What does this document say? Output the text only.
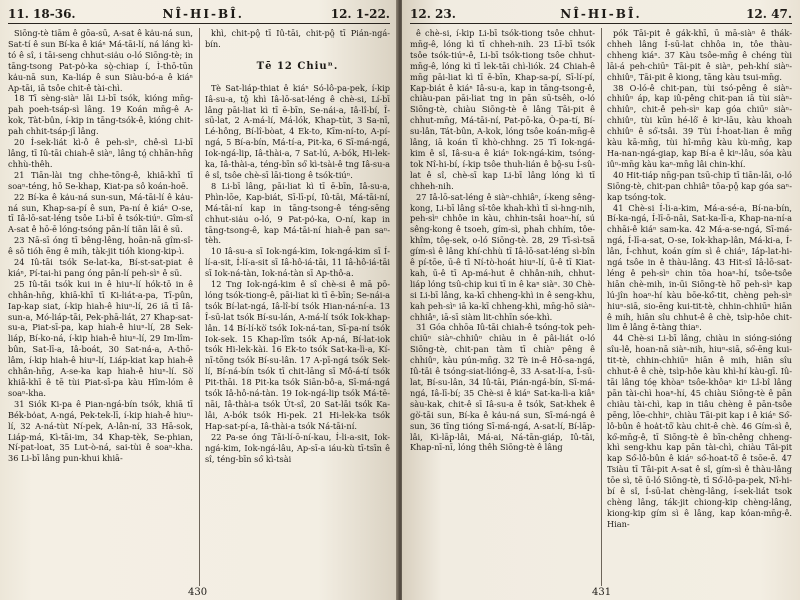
11. 18-36.	NÎ-HI-BÎ.	12. 1-22.

Siōng-tè tiām ê gōa-sū, A-sat ê ka̍u-ná sun, Sat-tí ê sun Bí-ka ê kiáⁿ Má-tāi-lí, ná láng kì-tó ê sî, i tāi-seng chhut-sia̍u o-ló Siōng-tè; in tāng-tsong Pat-po̍-ka sò̤-chiap í, Ì-thō-tūn ka̍u-nā sun, Ka-liáp ê sun Siàu-bó-a ê kiáⁿ Ap-tāi, iā tsôe chit-ê tài-chì.

18 Tī sèng-siàⁿ lāi Li-bī tsók, kióng mn̄g-pah poeh-tsáp-sì lâng. 19 Koán mn̄g-ê A-kok, Tàt-bûn, í-kip in tāng-tsók-ê, kióng chit-pah chhit-tsáp-jī lâng.

20 Í-sek-liát kì-ô ê peh-sìⁿ, chê-sì Li-bī lâng, tī Iû-tāi chiah-ê siàⁿ, lâng tó̤ chhān-hn̄g chhù-thêh.

21 Tiān-lài tng chhe-tōng-ê, khiā-khī tī soaⁿ-téng, hō Se-khap, Kiat-pa sô koán-hoē.

22 Bí-ka ê ka̍u-ná sun-sun, Má-tāi-lí ê ka̍u-ná sun, Khap-sa-pí ê sun, Pa-ní ê kiáⁿ O-se, tī Iâ-lō-sat-léng tsôe Li-bī ê tsók-tiúⁿ. Gîm-sî A-sat ê hō-ē lóng-tsóng pān-lí tiān lāi ê sū.

23 Nā-sī óng tī bêng-lêng, hoān-nā gîm-sî-ê sō tióh ēng ê mih, tàk-jit tióh kiong-kip-ì.

24 Iû-tāi tsók Se-lat-ka, Bí-st-sat-piat ê kiáⁿ, Pí-tai-hi pang óng pān-lí peh-sìⁿ ê sū.

25 Iû-tāi tsók kui in ê hiuⁿ-lí hók-tō in ê chhân-hn̄g, khiā-khī tī Ki-liát-a-pa, Tī-pûn, Iap-kap siat, í-kip hiah-ê hiuⁿ-lí, 26 iā tī Iâ-sun-a, Mó-liáp-tāi, Pek-phā-liát, 27 Khap-sat-su-a, Piat-sī-pa, kap hiah-ê hiuⁿ-lí, 28 Sek-liáp, Bí-ko-ná, í-kip hiah-ê hiuⁿ-lí, 29 Im-lîm-bûn, Sat-lī-a, Iâ-boát, 30 Sat-ná-a, A-thō-lâm, í-kip hiah-ê hiuⁿ-lí, Liáp-kiat kap hiah-ê chhân-hn̄g, A-se-ka kap hiah-ê hiuⁿ-lí. Sò͘ khiā-khī ê tē tùi Piat-sī-pa kàu Hîm-lóm ê soaⁿ-kha.

31 Siók Ki-pa ê Pian-ngá-bín tsók, khiā tī Bék-bo̍at, A-ngá, Pek-tek-lī, í-kip hiah-ê hiuⁿ-lí, 32 A-ná-tùt Ní-pek, A-lân-ní, 33 Hā-sok, Liáp-má, Kì-tāi-im, 34 Khap-tèk, Se-phian, Ní-pat-loat, 35 Lut-ò-ná, sai-tùi ê soaⁿ-kha. 36 Li-bī lâng pun-khui khiā-

khì, chit-pô̤ tī Iû-tāi, chit-pô̤ tī Pián-ngá-bín.

Tē 12 Chiuⁿ.

Tè Sat-liáp-thiat ê kiáⁿ Só-lô-pa-pek, í-kip Iâ-su-a, tô̤ khì Iâ-lō-sat-léng ê chè-si, Lí-bī lâng pāi-liat kì tī ē-bīn, Se-nái-a, Iâ-lî-bí, Î-sū-lat, 2 A-má-lí, Má-lók, Khap-tùt, 3 Sa-nī, Lé-hông, Bí-lî-bòat, 4 Ek-to, Kīm-ní-to, A-pí-ngá, 5 Bí-a-bín, Má-tí-a, Pit-ka, 6 Sī-má-ngá, Iok-ngá-lip, Iâ-thài-a, 7 Sat-lú, A-bók, Hi-lek-ka, Iâ-thài-a, téng-bīn só͘ kì-tsài-ê tng Iâ-su-a ê sî, tsôe chè-sī lāi-tiong ê tsók-tiúⁿ.

8 Li-bī lâng, pāi-liat kì tī ē-bīn, Iâ-su-a, Phìn-lōe, Kap-biát, Sī-lī-pí, Iû-tāi, Má-tāi-ní, Má-tāi-ní kap in tāng-tsong-ê téng-sēng chhut-sia̍u o-ló, 9 Pat-po̍-ka, O-ní, kap in tāng-tsong-ê, kap Má-tāi-ní hiah-ê pan saⁿ-tèh.

10 Iâ-su-a sī Iok-ngá-kim, Iok-ngá-kim sī Í-lí-a-sit, Í-lí-a-sit sī Iâ-hô-iá-tāi, 11 Iâ-hô-iá-tāi sī Iok-ná-tàn, Iok-ná-tàn sī Ap-thô-a.

12 Tng Iok-ngá-kim ê sî chè-si ê mā pō-lóng tsók-tiong-ê, pāi-liat kì tī ē-bīn; Se-nái-a tsók Bí-lat-ngá, Iâ-lî-bí tsók Hian-ná-ní-a. 13 Î-sū-lat tsók Bí-su-lán, A-má-lí tsók Iok-khap-lân. 14 Bí-lí-kò͘ tsók Iok-ná-tan, Sī-pa-ní tsók Iok-sek. 15 Khap-lîm tsók Ap-ná, Bí-lat-iok tsók Hi-lek-kài. 16 Ek-to tsók Sat-ka-lì-a, Kí-nī-tōng tsók Bí-su-lân. 17 A-pī-ngá tsók Sek-lí, Bí-ná-bín tsók tī chit-lāng sī Mô-á-tí tsók Pit-thāi. 18 Pit-ka tsók Siān-bô-a, Sī-má-ngá tsók Iâ-hô-ná-tàn. 19 Iok-ngá-lip tsók Má-tē-nāi, Iâ-thài-a tsók Út-sî, 20 Sat-lāi tsók Ka-lâi, A-bók tsók Hi-pek. 21 Hi-lek-ka tsók Hap-sat-pí-a, Iâ-thài-a tsók Ná-tāi-ní.

22 Pa-se óng Tāi-lí-ō-ní-kau, Í-li-a-sit, Iok-ngá-kim, Iok-ngá-lâu, Ap-sī-a iáu-kù tī-tsīn ê sî, téng-bīn só͘ kì-tsài

430
12. 23.	NÎ-HI-BÎ.	12. 47.

ê chè-si, í-kip Li-bī tsók-tiong tsôe chhut-mn̄g-ê, lóng kì tī chheh-nih. 23 Lī-bī tsók tsôe tsók-tiúⁿ-ê, Li-bī tsók-tiong tsôe chhut-mn̄g-ê, lóng kì tī lek-tāi chì-liók. 24 Chiah-ê mn̄g pāi-liat kì tī ē-bīn, Khap-sa-pí, Sī-lí-pí, Kap-biát ê kiáⁿ Iâ-su-a, kap in tāng-tsong-ê, chiàu-pan pāi-liat tng in pān sū-tsêh, o-ló Siōng-tè, chiàu Siōng-tè ê lâng Tāi-pit ê chhut-mn̄g, Má-tāi-ní, Pat-pō-ka, Ò-pa-tí, Bí-su-lân, Tát-bûn, A-kok, lóng tsôe koán-mn̄g-ê lâng, iā koán tī khò-chhng. 25 Tī Iok-ngá-kim ê sî, Iâ-su-a ê kiáⁿ Iok-ngá-kim, tsóng-tok Nî-hi-bí, í-kip tsôe thuh-lián ê bô̤-su Í-sû-lat ê sî, chè-sī kap Li-bī lâng lóng kì tī chheh-nih.

27 Iâ-lō-sat-léng ê siàⁿ-chhiâⁿ, í-keng sêng-kong, Li-bī lâng sî-tôe khah-khì tī sì-hng-nih, peh-sìⁿ chhôe in kàu, chhin-tsâi hoaⁿ-hí, sú sêng-kong ê tsoeh, gím-sì, phah chhím, tôe-khîm, tôe̤-sek, o-ló Siōng-tè. 28, 29 Tī-sì-tsā gím-sì ê lâng khí-chhù tī Iâ-lō-sat-léng sì-bîn ê pí-tōe, ū-ê tī Ní-tò-hoát hiuⁿ-lí, ū-ê tī Kiat-kah, ū-ê tī Ap-má-hut ê chhân-nih, chhut-liáp lóng tsû-chip kui tī in ê kaⁿ siàⁿ. 30 Chè-si Li-bī lâng, ka-kī chheng-khì in ê seng-khu, kah peh-sìⁿ iā ka-kī chheng-khì, mn̄g-hō siàⁿ-chhiâⁿ, iā-sī siàm lit-chhīn sóe-khì.

31 Góa chhōa Iû-tāi chiah-ê tsóng-tok peh-chiūⁿ siàⁿ-chhiûⁿ chiàu in ê pâi-liát o-ló Siōng-tè, chit-pan tàm tī chiàⁿ pêng ê chhiûⁿ, kàu pún-mn̄g. 32 Tè in-ê Hô-sa-ngá, Iû-tāi ê tsóng-siat-lióng-ê, 33 A-sat-lí-a, Í-sū-lat, Bí-su-lân, 34 Iû-tāi, Pián-ngá-bín, Sī-má-ngá, Iâ-lī-bí; 35 Chè-si ê kiáⁿ Sat-ka-lì-a kiâⁿ sàu-kak, chit-ê sī Iâ-su-a ê tsók, Sat-khek ê gò͘-tāi sun, Bí-ka ê ka̍u-ná sun, Sī-má-ngá ê sun, 36 tīng tióng Sī-má-ngá, A-sat-lí, Bí-lāp-lâi, Kì-lāp-lâi, Má-ai, Ná-tān-giáp, Iû-tāi, Khap-nī-nī, lóng thêh Siōng-tè ê lâng

pók Tāi-pit ê gák-khī, ū mā-siàⁿ ê thák-chheh lâng Í-sū-lat chhôa in, tôe thàu-chheng kiáⁿ. 37 Kàu tsôe-mn̄g ê chéng tùi lāi-á peh-chiūⁿ Tāi-pit ê siàⁿ, peh-khí siàⁿ-chhiûⁿ, Tāi-pit ê kiong, tāng kàu tsui-mn̄g.

38 O-ló-ê chit-pan, tùi tsó-pêng ê siàⁿ-chhiûⁿ áp, kap iû-pêng chit-pan iā tùi siàⁿ-chhiûⁿ, chit-ê peh-sìⁿ kap góa chiūⁿ siàⁿ-chhiûⁿ, tùi kūn hé-lô͘ ê kiⁿ-lāu, kàu khoah chhiûⁿ ê só͘-tsâi. 39 Tùi Í-hoat-lian ê mn̄g kàu kā-mn̄g, tùi hî-mn̄g kàu kù-mn̄g, kap Ha-nan-ngá-giap, kap Bí-a ê kiⁿ-lâu, sóa kàu iûⁿ-mn̄g kàu kaⁿ-mn̄g lâi chin-khí.

40 Hit-tiáp nn̄g-pan tsū-chip tī tiān-lāi, o-ló Siōng-tè, chit-pan chhiâⁿ tōa-pô̤ kap góa saⁿ-kap tsóng-tok.

41 Chè-si Í-li-a-kim, Má-a-sé-a, Bí-na-bín, Bí-ka-ngá, Í-lī-ō-nāi, Sat-ka-lī-a, Khap-na-ní-a chhāi-ê kiáⁿ sam-ka. 42 Má-a-se-ngá, Sī-má-ngá, Í-lī-a-sat, O-se, Iok-khap-lân, Má-ki-a, Í-lân, Í-chhut, koán gím sì ê chiáⁿ, Iáp-lat-hi-ngá tsôe in ê thàu-lâng. 43 Hit-sî Iâ-lō-sat-léng ê peh-sìⁿ chin tōa hoaⁿ-hí, tsôe-tsôe hiān chè-mih, in-ūi Siōng-tè hō͘ peh-sìⁿ kap lú-jîn hoaⁿ-hí kàu bōe-kó͘-tit, chèng peh-sìⁿ hiuⁿ-siā, sio-ēng kui-tit-tè, chhin-chhiūⁿ hiān ê mih, hiān sîu chhut-ê ê chè, tsìp-hôe chit-lim ê lâng ē-tàng thiaⁿ.

44 Chè-si Li-bī lâng, chiàu in sióng-sióng sîu-lê, hoan-nā siàⁿ-nih, hiuⁿ-siā, só͘-ēng kui-tit-tè, chhin-chhiūⁿ hiān ê mih, hiān sîu chhut-ê ê chè, tsìp-hôe kàu khì-hí kàu-gī. Iû-tāi lâng tóe̤ khòaⁿ tsôe-khôaⁿ kiⁿ Lî-bî lâng pān tài-chì hoaⁿ-hí, 45 chiàu Siōng-tè ê pān chiàu tài-chì, kap in tiâu chèng ê pān-tsôe pēng, lōe-chhiⁿ, chiàu Tāi-pit kap i ê kiáⁿ Só͘-lô-bûn ê hoa̍t-tō͘ kàu chit-ê chè. 46 Gím-sì ê, kó͘-mn̄g-ê, tī Siōng-tè ê bīn-chêng chheng-khì seng-khu kap pān tài-chì, chiàu Tāi-pit kap Só͘-lô-bûn ê kiáⁿ só͘-hoat-tō͘ ê tsōe-ē. 47 Tsiàu tī Tāi-pit A-sat ê sî, gím-sì ê thàu-lâng tōe sì, tē ū-ló Siōng-tè, tī Só͘-lô-pa-pek, Nî-hi-bí ê sî, Í-sū-lat chèng-lâng, í-sek-liát tsok chèng lâng, ták-jit chiong-kip chèng-lâng, kiong-kip gím sì ê lâng, kap kóan-mn̄g-ê. Hian-

431
